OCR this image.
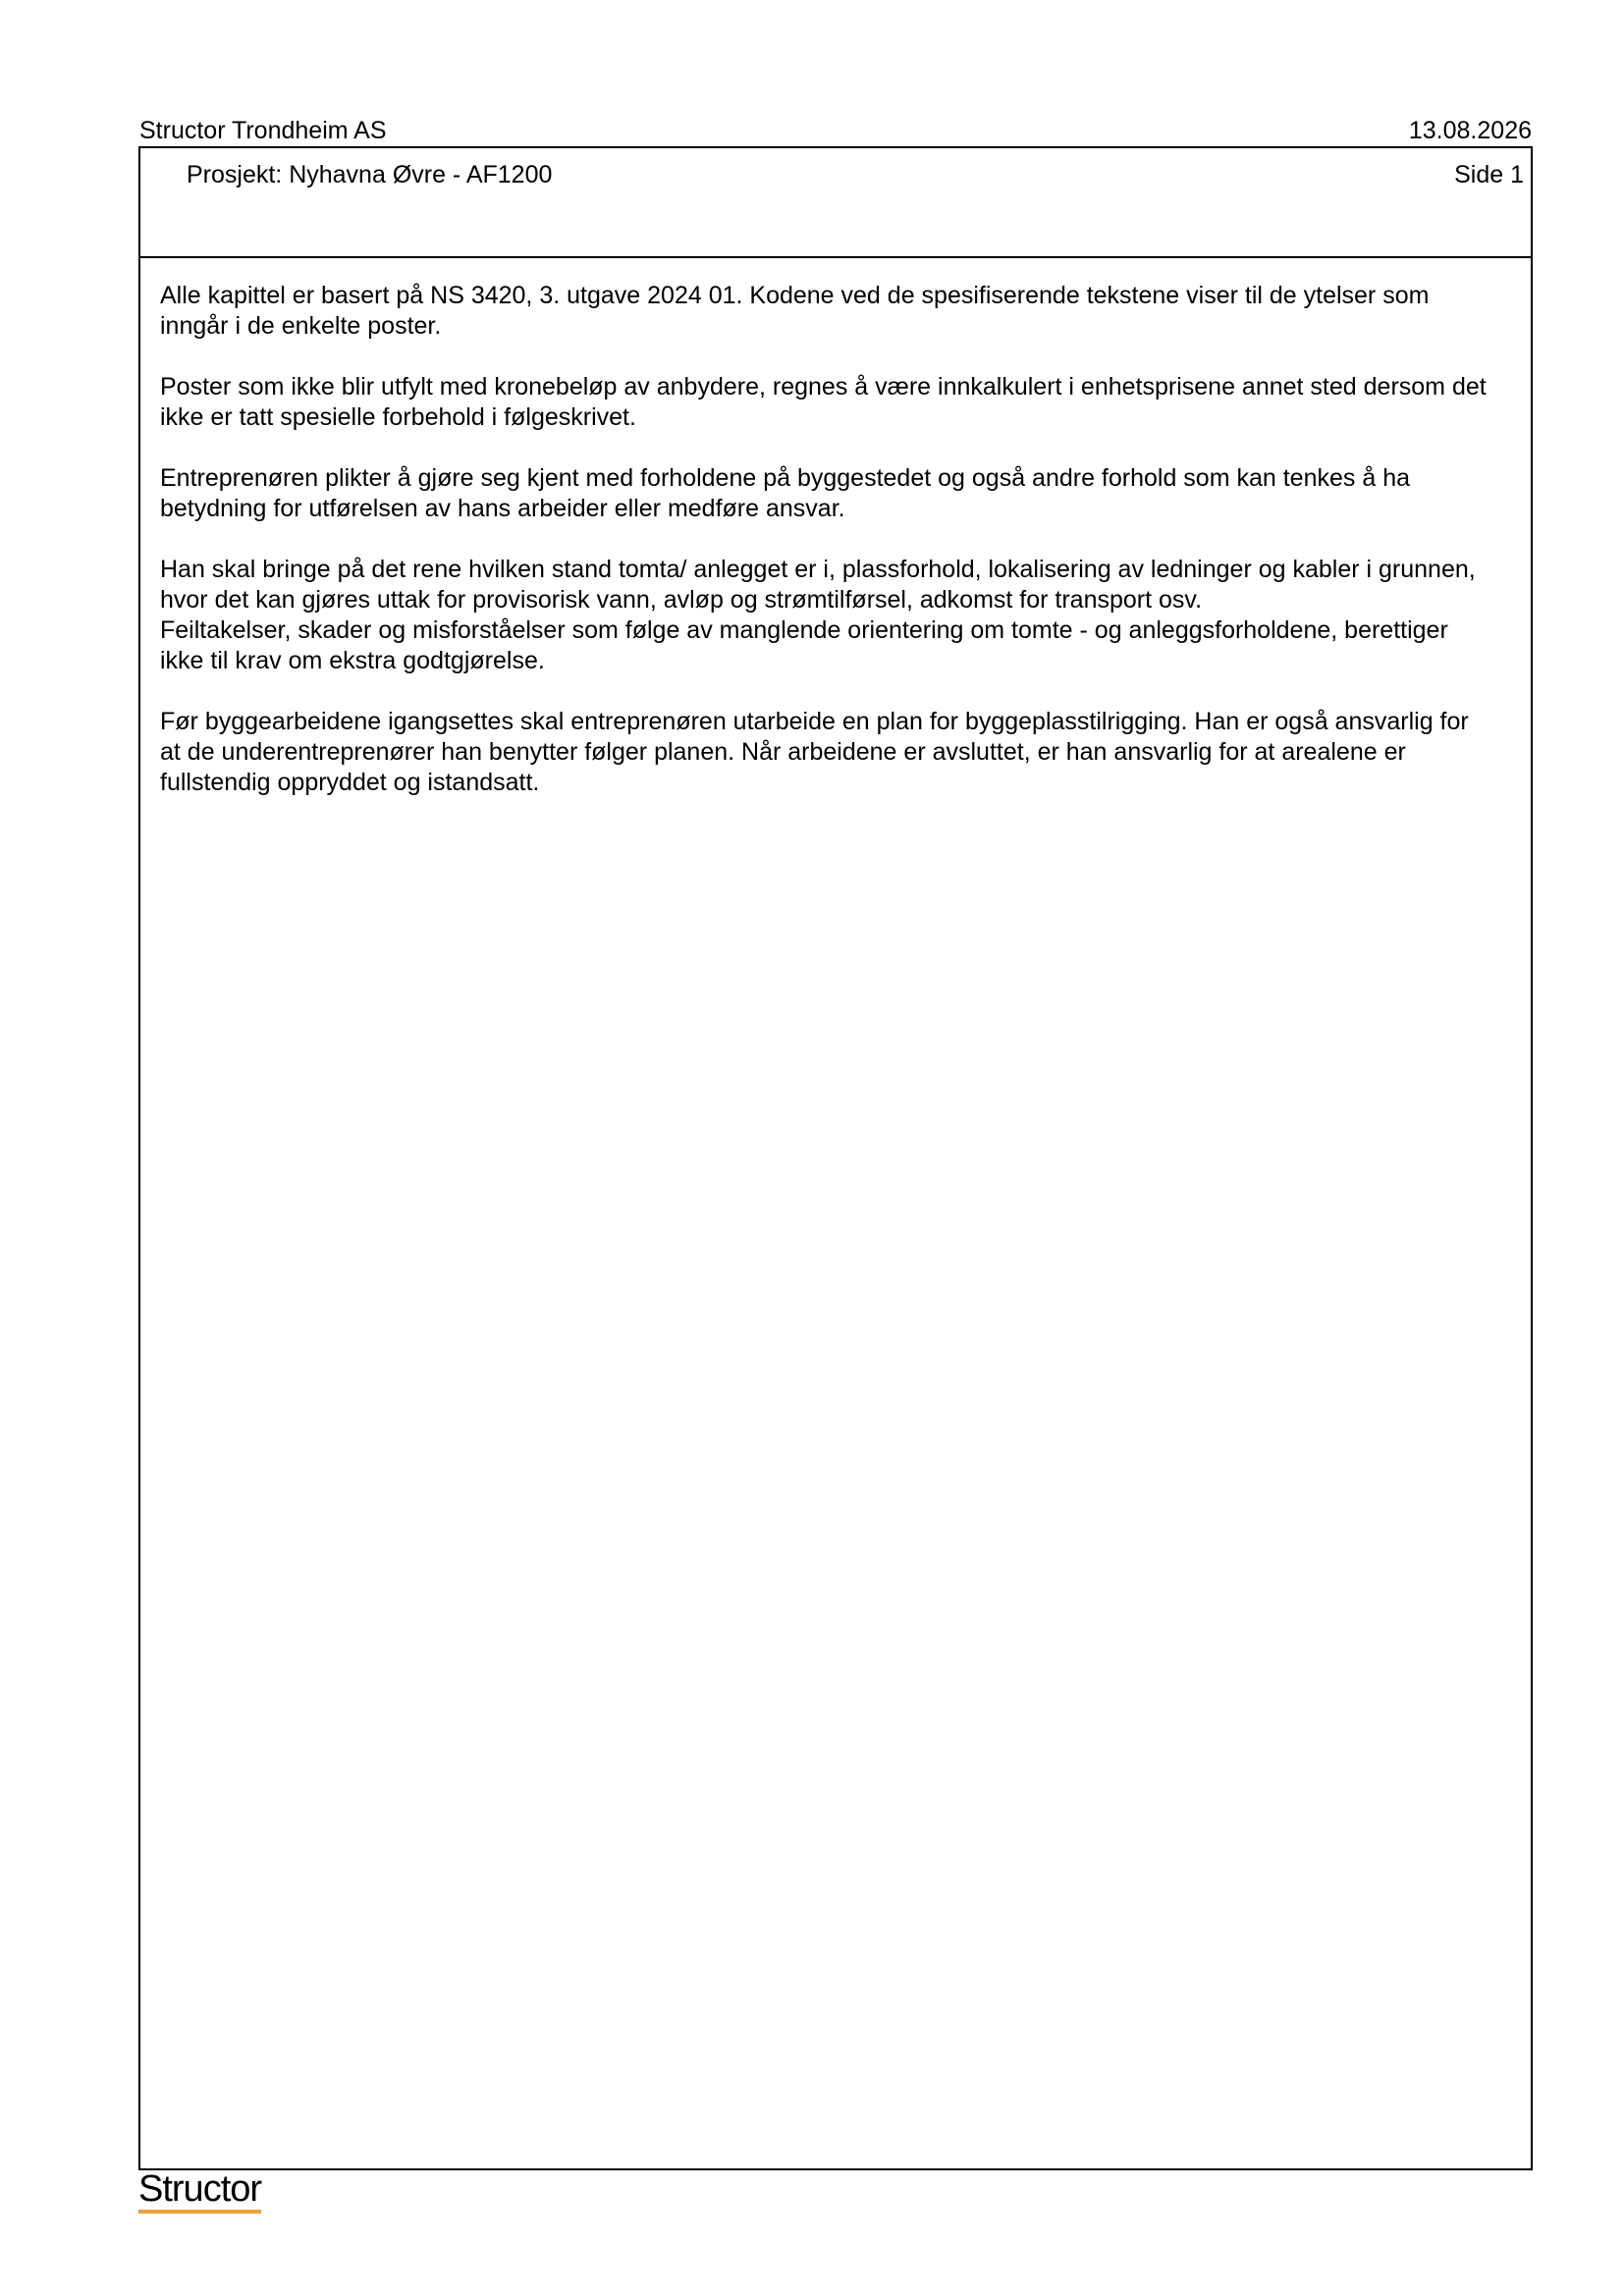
Structor Trondheim AS	13.08.2026
Prosjekt: Nyhavna Øvre - AF1200	Side 1

Alle kapittel er basert på NS 3420, 3. utgave 2024 01. Kodene ved de spesifiserende tekstene viser til de ytelser som inngår i de enkelte poster.

Poster som ikke blir utfylt med kronebeløp av anbydere, regnes å være innkalkulert i enhetsprisene annet sted dersom det ikke er tatt spesielle forbehold i følgeskrivet.

Entreprenøren plikter å gjøre seg kjent med forholdene på byggestedet og også andre forhold som kan tenkes å ha betydning for utførelsen av hans arbeider eller medføre ansvar.

Han skal bringe på det rene hvilken stand tomta/ anlegget er i, plassforhold, lokalisering av ledninger og kabler i grunnen, hvor det kan gjøres uttak for provisorisk vann, avløp og strømtilførsel, adkomst for transport osv.

Feiltakelser, skader og misforståelser som følge av manglende orientering om tomte - og anleggsforholdene, berettiger ikke til krav om ekstra godtgjørelse.

Før byggearbeidene igangsettes skal entreprenøren utarbeide en plan for byggeplasstilrigging. Han er også ansvarlig for at de underentreprenører han benytter følger planen. Når arbeidene er avsluttet, er han ansvarlig for at arealene er fullstendig oppryddet og istandsatt.

Structor
